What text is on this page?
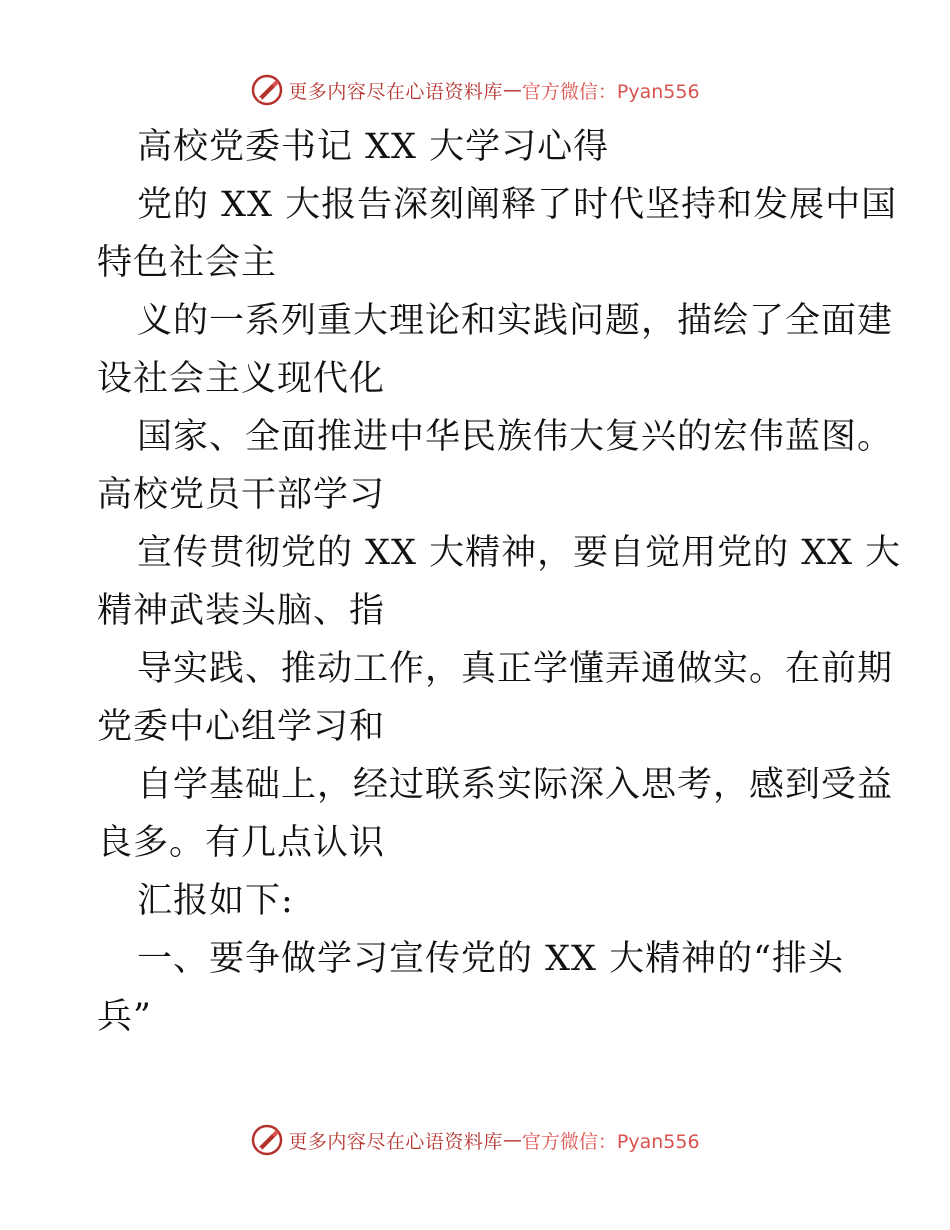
更多内容尽在心语资料库 — 官方微信：Pyan556
高校党委书记 XX 大学习心得
党的 XX 大报告深刻阐释了时代坚持和发展中国
特色社会主
义的一系列重大理论和实践问题，描绘了全面建
设社会主义现代化
国家、全面推进中华民族伟大复兴的宏伟蓝图。
高校党员干部学习
宣传贯彻党的 XX 大精神，要自觉用党的 XX 大
精神武装头脑、指
导实践、推动工作，真正学懂弄通做实。在前期
党委中心组学习和
自学基础上，经过联系实际深入思考，感到受益
良多。有几点认识
汇报如下:
一、要争做学习宣传党的 XX 大精神的“排头
兵”
更多内容尽在心语资料库 — 官方微信：Pyan556
